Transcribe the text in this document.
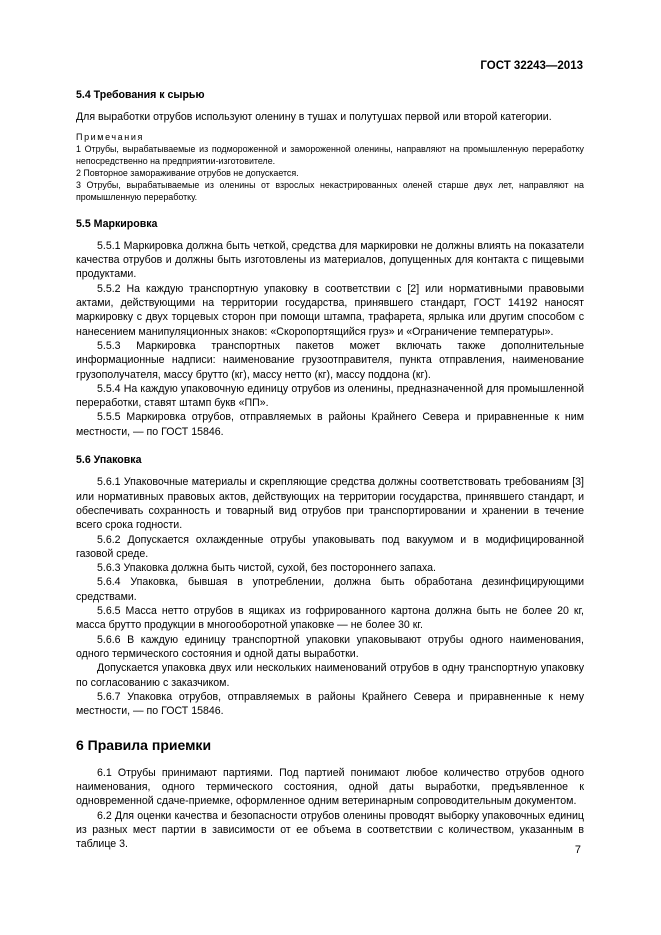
ГОСТ 32243—2013

5.4 Требования к сырью

Для выработки отрубов используют оленину в тушах и полутушах первой или второй категории.

Примечания

1 Отрубы, вырабатываемые из подмороженной и замороженной оленины, направляют на промышленную переработку непосредственно на предприятии-изготовителе.

2 Повторное замораживание отрубов не допускается.

3 Отрубы, вырабатываемые из оленины от взрослых некастрированных оленей старше двух лет, направляют на промышленную переработку.

5.5 Маркировка

5.5.1 Маркировка должна быть четкой, средства для маркировки не должны влиять на показатели качества отрубов и должны быть изготовлены из материалов, допущенных для контакта с пищевыми продуктами.

5.5.2 На каждую транспортную упаковку в соответствии с [2] или нормативными правовыми актами, действующими на территории государства, принявшего стандарт, ГОСТ 14192 наносят маркировку с двух торцевых сторон при помощи штампа, трафарета, ярлыка или другим способом с нанесением манипуляционных знаков: «Скоропортящийся груз» и «Ограничение температуры».

5.5.3 Маркировка транспортных пакетов может включать также дополнительные информационные надписи: наименование грузоотправителя, пункта отправления, наименование грузополучателя, массу брутто (кг), массу нетто (кг), массу поддона (кг).

5.5.4 На каждую упаковочную единицу отрубов из оленины, предназначенной для промышленной переработки, ставят штамп букв «ПП».

5.5.5 Маркировка отрубов, отправляемых в районы Крайнего Севера и приравненные к ним местности, — по ГОСТ 15846.

5.6 Упаковка

5.6.1 Упаковочные материалы и скрепляющие средства должны соответствовать требованиям [3] или нормативных правовых актов, действующих на территории государства, принявшего стандарт, и обеспечивать сохранность и товарный вид отрубов при транспортировании и хранении в течение всего срока годности.

5.6.2 Допускается охлажденные отрубы упаковывать под вакуумом и в модифицированной газовой среде.

5.6.3 Упаковка должна быть чистой, сухой, без постороннего запаха.

5.6.4 Упаковка, бывшая в употреблении, должна быть обработана дезинфицирующими средствами.

5.6.5 Масса нетто отрубов в ящиках из гофрированного картона должна быть не более 20 кг, масса брутто продукции в многооборотной упаковке — не более 30 кг.

5.6.6 В каждую единицу транспортной упаковки упаковывают отрубы одного наименования, одного термического состояния и одной даты выработки.

Допускается упаковка двух или нескольких наименований отрубов в одну транспортную упаковку по согласованию с заказчиком.

5.6.7 Упаковка отрубов, отправляемых в районы Крайнего Севера и приравненные к нему местности, — по ГОСТ 15846.

6 Правила приемки

6.1 Отрубы принимают партиями. Под партией понимают любое количество отрубов одного наименования, одного термического состояния, одной даты выработки, предъявленное к одновременной сдаче-приемке, оформленное одним ветеринарным сопроводительным документом.

6.2 Для оценки качества и безопасности отрубов оленины проводят выборку упаковочных единиц из разных мест партии в зависимости от ее объема в соответствии с количеством, указанным в таблице 3.	7
